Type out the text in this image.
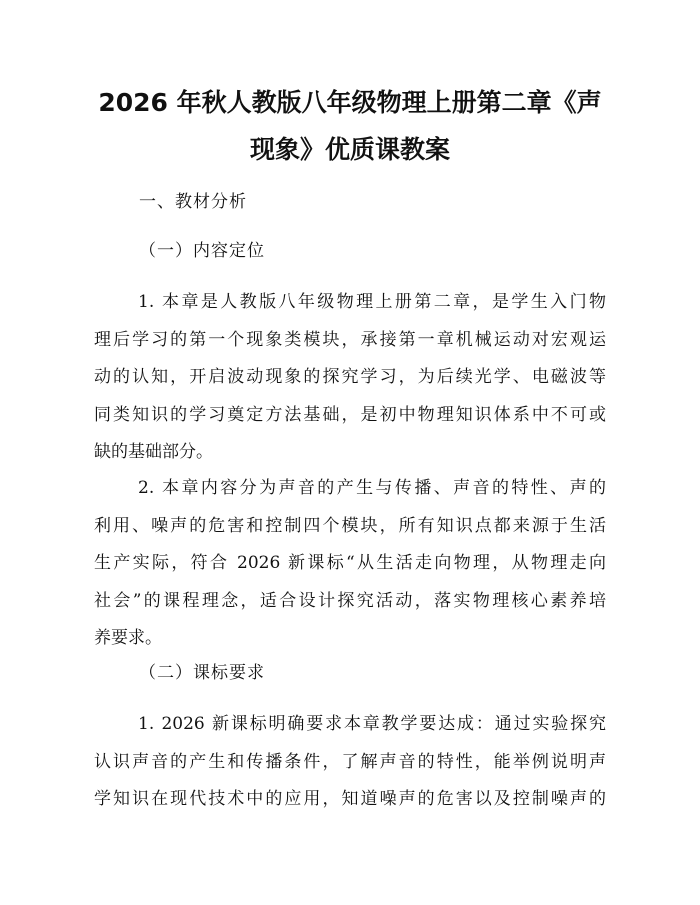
2026 年秋人教版八年级物理上册第二章《声
现象》优质课教案

一、教材分析

（一）内容定位

1. 本章是人教版八年级物理上册第二章，是学生入门物
理后学习的第一个现象类模块，承接第一章机械运动对宏观运
动的认知，开启波动现象的探究学习，为后续光学、电磁波等
同类知识的学习奠定方法基础，是初中物理知识体系中不可或
缺的基础部分。
2. 本章内容分为声音的产生与传播、声音的特性、声的
利用、噪声的危害和控制四个模块，所有知识点都来源于生活
生产实际，符合 2026 新课标“从生活走向物理，从物理走向
社会”的课程理念，适合设计探究活动，落实物理核心素养培
养要求。

（二）课标要求

1. 2026 新课标明确要求本章教学要达成：通过实验探究
认识声音的产生和传播条件，了解声音的特性，能举例说明声
学知识在现代技术中的应用，知道噪声的危害以及控制噪声的
